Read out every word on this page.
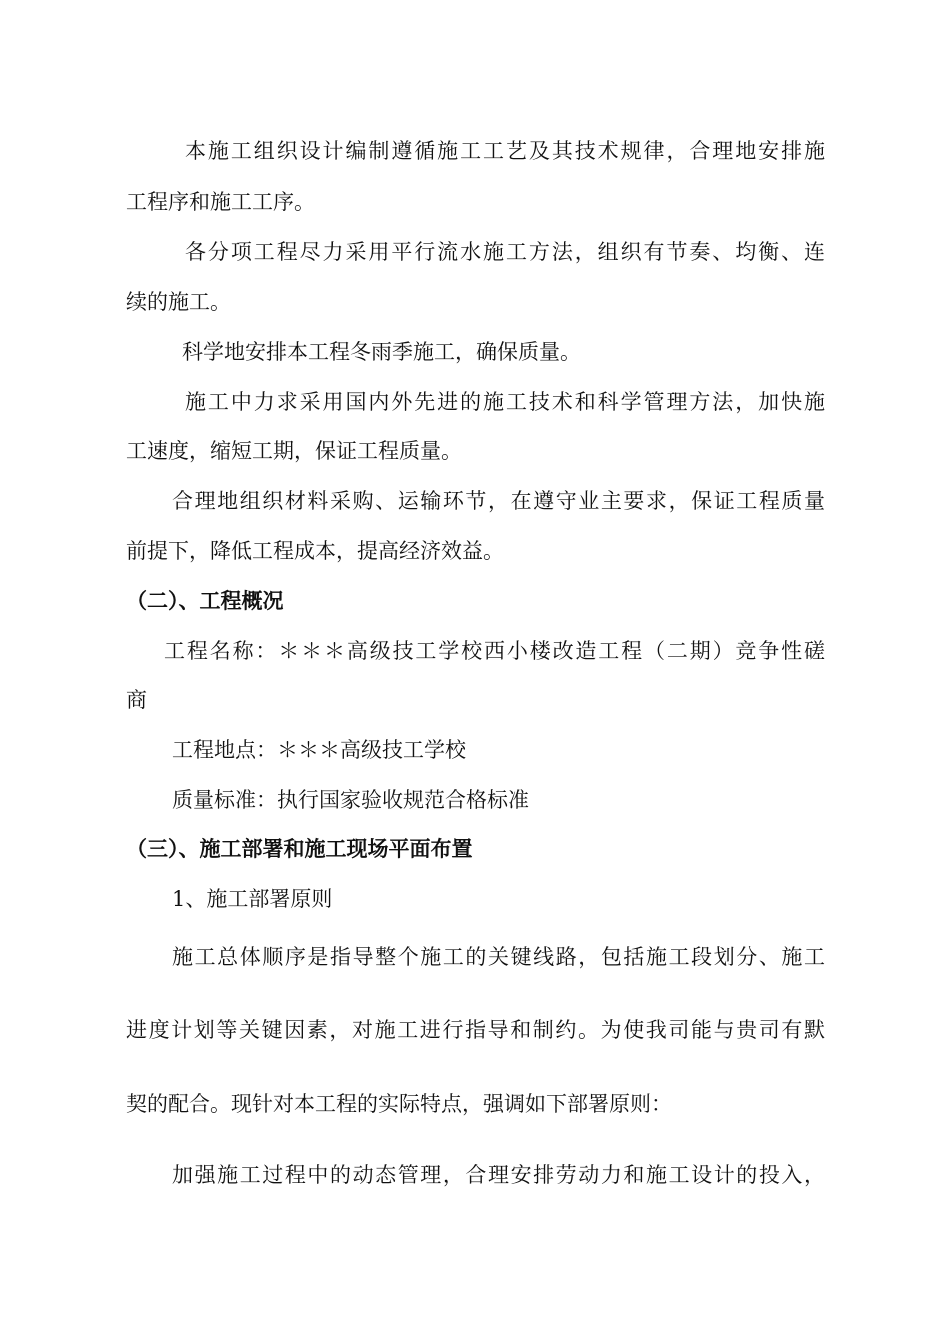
本施工组织设计编制遵循施工工艺及其技术规律，合理地安排施

工程序和施工工序。

各分项工程尽力采用平行流水施工方法，组织有节奏、均衡、连

续的施工。

科学地安排本工程冬雨季施工，确保质量。

施工中力求采用国内外先进的施工技术和科学管理方法，加快施

工速度，缩短工期，保证工程质量。

合理地组织材料采购、运输环节，在遵守业主要求，保证工程质量

前提下，降低工程成本，提高经济效益。

（二）、工程概况

工程名称：＊＊＊高级技工学校西小楼改造工程（二期）竞争性磋

商

工程地点：＊＊＊高级技工学校

质量标准：执行国家验收规范合格标准

（三）、施工部署和施工现场平面布置

1、施工部署原则

施工总体顺序是指导整个施工的关键线路，包括施工段划分、施工

进度计划等关键因素，对施工进行指导和制约。为使我司能与贵司有默

契的配合。现针对本工程的实际特点，强调如下部署原则：

加强施工过程中的动态管理，合理安排劳动力和施工设计的投入，
